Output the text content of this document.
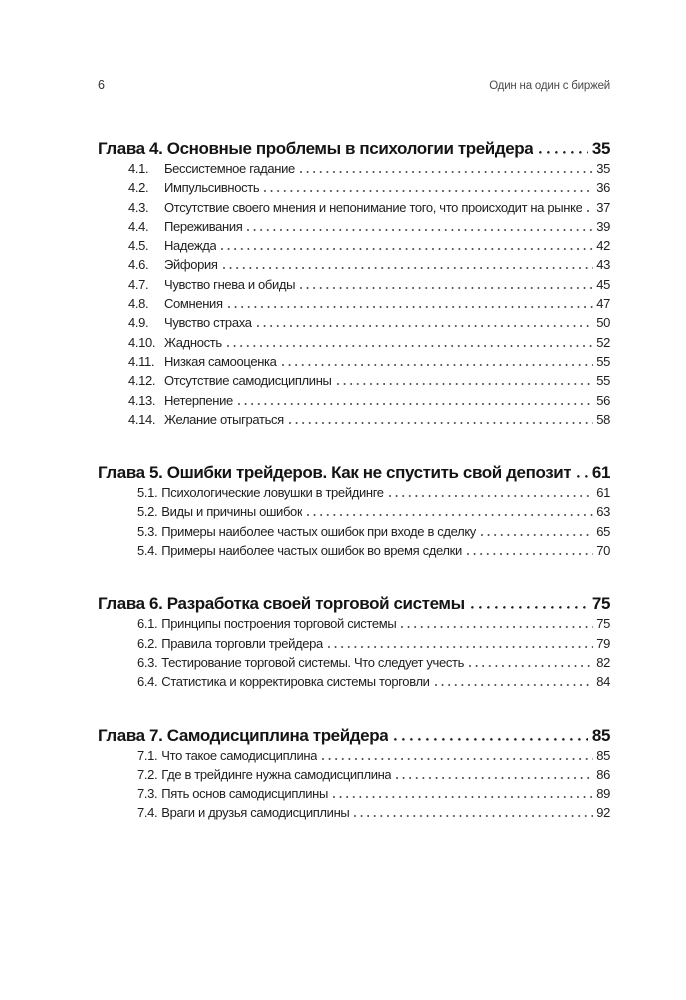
6	Один на один с биржей
Глава 4. Основные проблемы в психологии трейдера	35
4.1.	Бессистемное гадание	35
4.2.	Импульсивность	36
4.3.	Отсутствие своего мнения и непонимание того, что происходит на рынке 37
4.4.	Переживания	39
4.5.	Надежда	42
4.6.	Эйфория	43
4.7.	Чувство гнева и обиды	45
4.8.	Сомнения	47
4.9.	Чувство страха	50
4.10. Жадность	52
4.11. Низкая самооценка	55
4.12. Отсутствие самодисциплины	55
4.13. Нетерпение	56
4.14. Желание отыграться	58
Глава 5. Ошибки трейдеров. Как не спустить свой депозит 61
5.1. Психологические ловушки в трейдинге	61
5.2. Виды и причины ошибок	63
5.3. Примеры наиболее частых ошибок при входе в сделку	65
5.4. Примеры наиболее частых ошибок во время сделки	70
Глава 6. Разработка своей торговой системы	75
6.1. Принципы построения торговой системы	75
6.2. Правила торговли трейдера	79
6.3. Тестирование торговой системы. Что следует учесть	82
6.4. Статистика и корректировка системы торговли	84
Глава 7. Самодисциплина трейдера	85
7.1. Что такое самодисциплина	85
7.2. Где в трейдинге нужна самодисциплина	86
7.3. Пять основ самодисциплины	89
7.4. Враги и друзья самодисциплины	92
